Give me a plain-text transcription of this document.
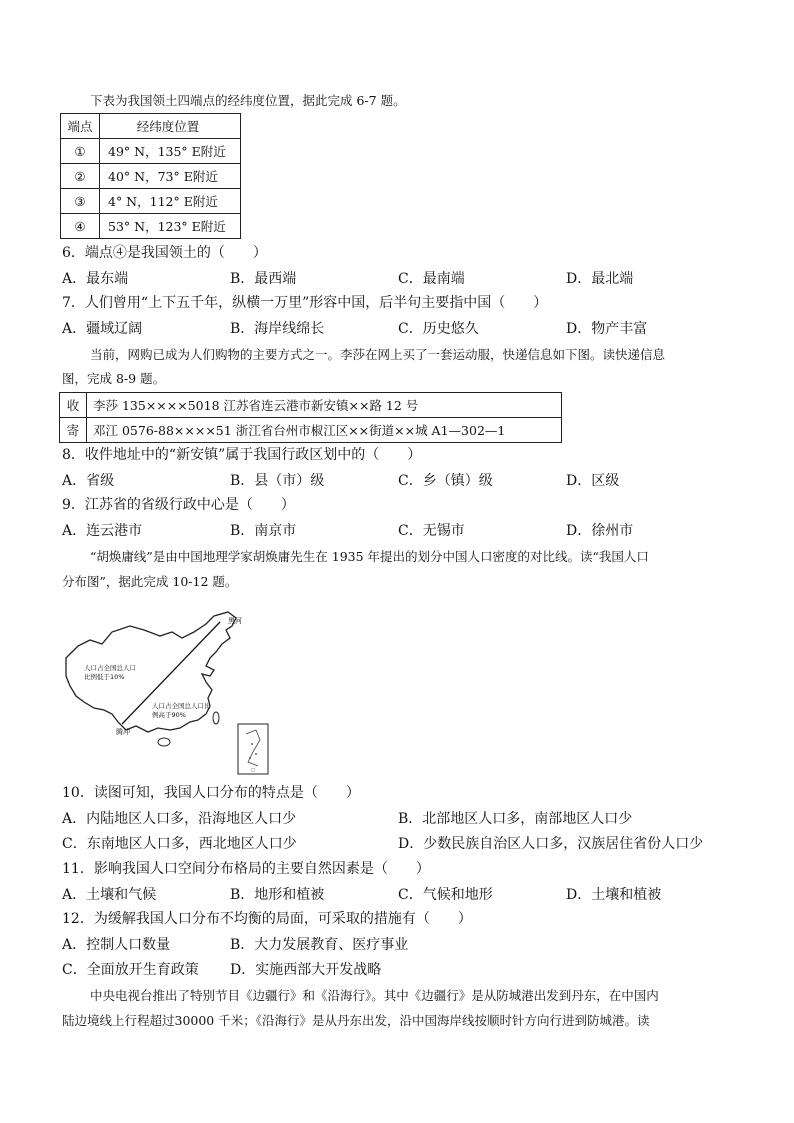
下表为我国领土四端点的经纬度位置，据此完成 6-7 题。
端点	经纬度位置
①	49° N，135° E附近
②	40° N，73° E附近
③	4° N，112° E附近
④	53° N，123° E附近
6．端点④是我国领土的（　　）
A．最东端	B．最西端	C．最南端	D．最北端
7．人们曾用“上下五千年，纵横一万里”形容中国，后半句主要指中国（　　）
A．疆域辽阔	B．海岸线绵长	C．历史悠久	D．物产丰富
当前，网购已成为人们购物的主要方式之一。李莎在网上买了一套运动服，快递信息如下图。读快递信息
图，完成 8-9 题。
收	李莎 135××××5018 江苏省连云港市新安镇××路 12 号
寄	邓江 0576-88××××51 浙江省台州市椒江区××街道××城 A1—302—1
8．收件地址中的“新安镇”属于我国行政区划中的（　　）
A．省级	B．县（市）级	C．乡（镇）级	D．区级
9．江苏省的省级行政中心是（　　）
A．连云港市	B．南京市	C．无锡市	D．徐州市
“胡焕庸线”是由中国地理学家胡焕庸先生在 1935 年提出的划分中国人口密度的对比线。读“我国人口
分布图”，据此完成 10-12 题。
□
黑河
腾冲
人口占全国总人口比例低于10%
人口占全国总人口比例高于90%
10．读图可知，我国人口分布的特点是（　　）
A．内陆地区人口多，沿海地区人口少	B．北部地区人口多，南部地区人口少
C．东南地区人口多，西北地区人口少	D．少数民族自治区人口多，汉族居住省份人口少
11．影响我国人口空间分布格局的主要自然因素是（　　）
A．土壤和气候	B．地形和植被	C．气候和地形	D．土壤和植被
12．为缓解我国人口分布不均衡的局面，可采取的措施有（　　）
A．控制人口数量	B．大力发展教育、医疗事业
C．全面放开生育政策 D．实施西部大开发战略
中央电视台推出了特别节目《边疆行》和《沿海行》。其中《边疆行》是从防城港出发到丹东，在中国内
陆边境线上行程超过30000 千米；《沿海行》是从丹东出发，沿中国海岸线按顺时针方向行进到防城港。读
